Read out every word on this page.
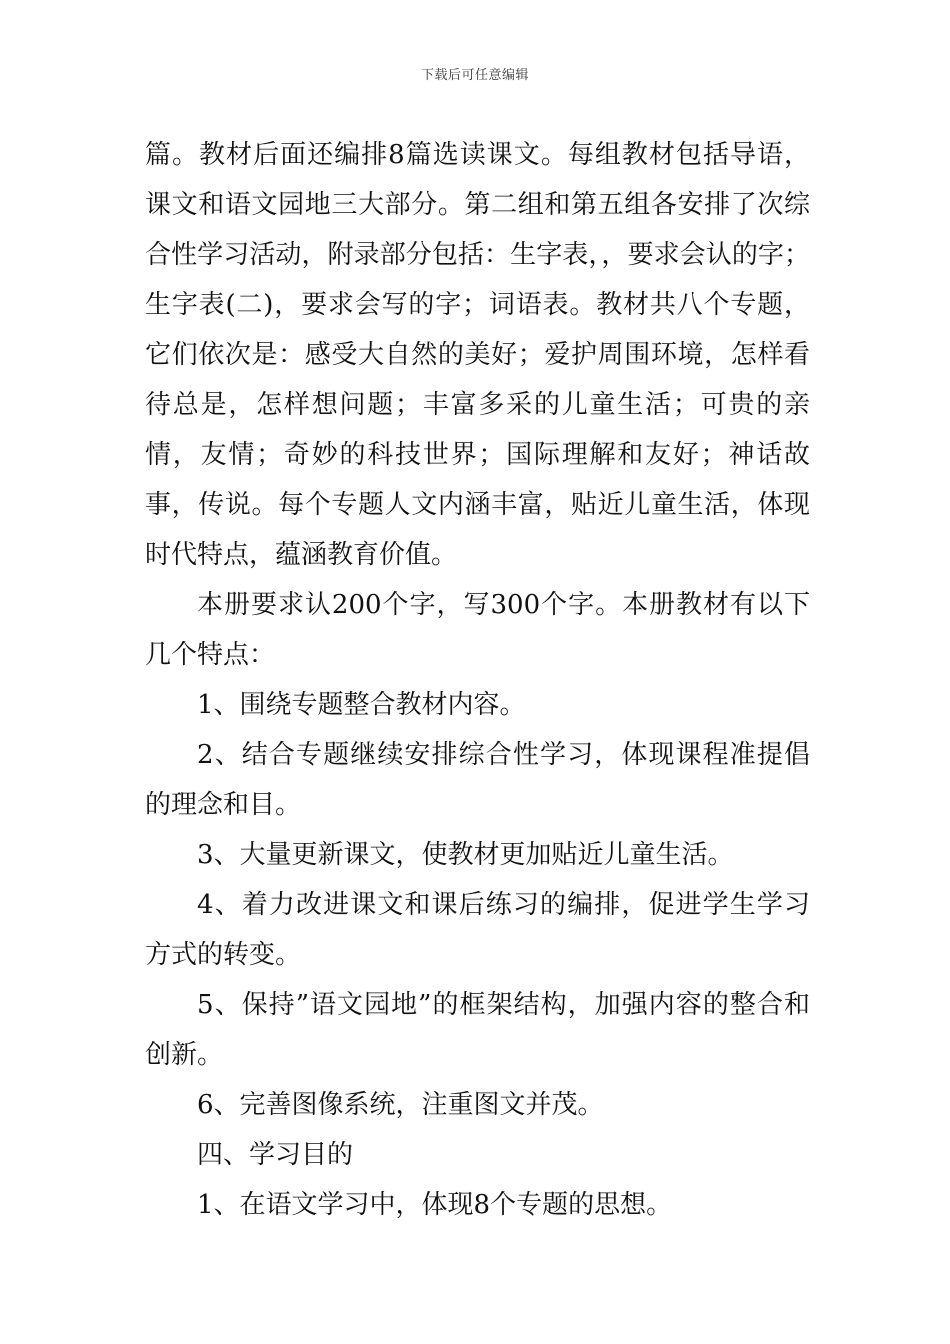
下载后可任意编辑

篇。教材后面还编排8篇选读课文。每组教材包括导语，课文和语文园地三大部分。第二组和第五组各安排了次综合性学习活动，附录部分包括：生字表，，要求会认的字；生字表(二)，要求会写的字；词语表。教材共八个专题，它们依次是：感受大自然的美好；爱护周围环境，怎样看待总是，怎样想问题；丰富多采的儿童生活；可贵的亲情，友情；奇妙的科技世界；国际理解和友好；神话故事，传说。每个专题人文内涵丰富，贴近儿童生活，体现时代特点，蕴涵教育价值。

本册要求认200个字，写300个字。本册教材有以下几个特点：

1、围绕专题整合教材内容。

2、结合专题继续安排综合性学习，体现课程准提倡的理念和目。

3、大量更新课文，使教材更加贴近儿童生活。

4、着力改进课文和课后练习的编排，促进学生学习方式的转变。

5、保持”语文园地”的框架结构，加强内容的整合和创新。

6、完善图像系统，注重图文并茂。

四、学习目的

1、在语文学习中，体现8个专题的思想。
